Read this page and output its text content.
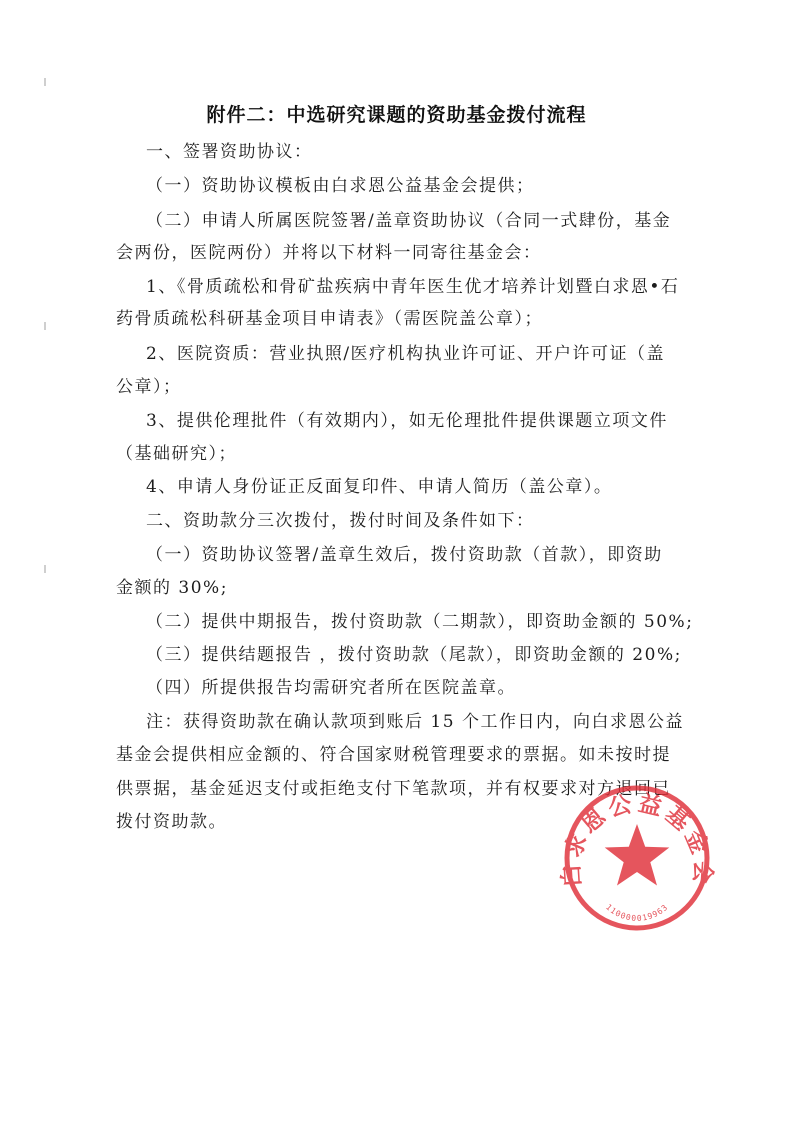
附件二：中选研究课题的资助基金拨付流程
一、签署资助协议：
（一）资助协议模板由白求恩公益基金会提供；
（二）申请人所属医院签署/盖章资助协议（合同一式肆份，基金
会两份，医院两份）并将以下材料一同寄往基金会：
1、《骨质疏松和骨矿盐疾病中青年医生优才培养计划暨白求恩•石
药骨质疏松科研基金项目申请表》（需医院盖公章）；
2、医院资质：营业执照/医疗机构执业许可证、开户许可证（盖
公章）；
3、提供伦理批件（有效期内），如无伦理批件提供课题立项文件
（基础研究）；
4、申请人身份证正反面复印件、申请人简历（盖公章）。
二、资助款分三次拨付，拨付时间及条件如下：
（一）资助协议签署/盖章生效后，拨付资助款（首款），即资助
金额的 30%;
（二）提供中期报告，拨付资助款（二期款），即资助金额的 50%;
（三）提供结题报告 ，拨付资助款（尾款），即资助金额的 20%;
（四）所提供报告均需研究者所在医院盖章。
注：获得资助款在确认款项到账后 15 个工作日内，向白求恩公益
基金会提供相应金额的、符合国家财税管理要求的票据。如未按时提
供票据，基金延迟支付或拒绝支付下笔款项，并有权要求对方退回已
拨付资助款。
白求恩公益基金会
110000019963
